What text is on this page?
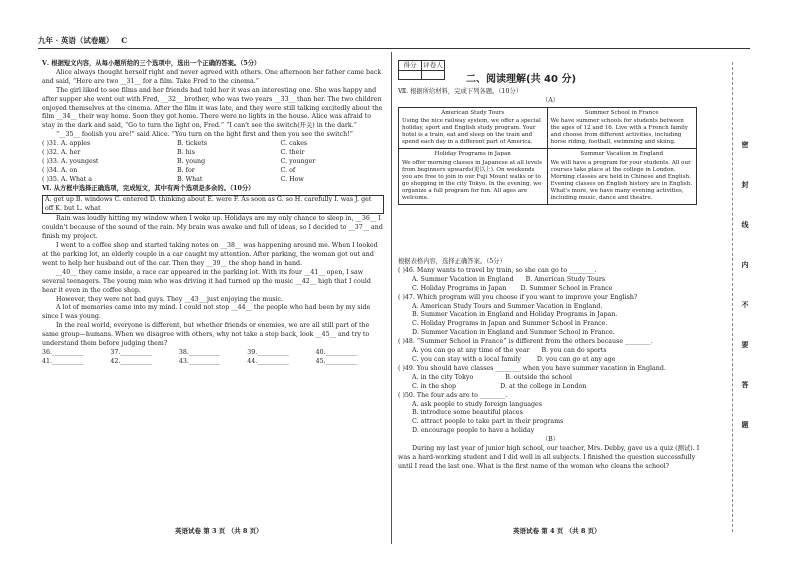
九年 · 英语（试卷题） C

Ⅴ. 根据短文内容，从每小题所给的三个选项中，选出一个正确的答案。（5分）

Alice always thought herself right and never agreed with others. One afternoon her father came back and said, “Here are two __31__ for a film. Take Fred to the cinema.”

The girl liked to see films and her friends had told her it was an interesting one. She was happy and after supper she went out with Fred, __32__ brother, who was two years __33__ than her. The two children enjoyed themselves at the cinema. After the film it was late, and they were still talking excitedly about the film __34__ their way home. Soon they got home. There were no lights in the house. Alice was afraid to stay in the dark and said, “Go to turn the light on, Fred.” “I can't see the switch(开关) in the dark.”

“__35__ foolish you are!” said Alice. “You turn on the light first and then you see the switch!”

( )31. A. apples	B. tickets	C. cakes
( )32. A. her	B. his	C. their
( )33. A. youngest	B. young	C. younger
( )34. A. on	B. for	C. of
( )35. A. What a	B. What	C. How

Ⅵ. 从方框中选择正确选项，完成短文，其中有两个选项是多余的。（10分）

A. get up B. windows C. entered D. thinking about E. were F. As soon as G. so H. carefully I. was J. get off K. but L. what

Rain was loudly hitting my window when I woke up. Holidays are my only chance to sleep in, __36__ I couldn't because of the sound of the rain. My brain was awake and full of ideas, so I decided to __37__ and finish my project.

I went to a coffee shop and started taking notes on __38__ was happening around me. When I looked at the parking lot, an elderly couple in a car caught my attention. After parking, the woman got out and went to help her husband out of the car. Then they __39__ the shop hand in hand.

__40__ they came inside, a race car appeared in the parking lot. With its four __41__ open, I saw several teenagers. The young man who was driving it had turned up the music __42__ high that I could hear it even in the coffee shop.

However, they were not bad guys. They __43__ just enjoying the music.

A lot of memories came into my mind. I could not stop __44__ the people who had been by my side since I was young.

In the real world, everyone is different, but whether friends or enemies, we are all still part of the same group—humans. When we disagree with others, why not take a step back, look __45__ and try to understand them before judging them?

36.__________	37.__________	38.__________	39.__________	40.__________
41.__________	42.__________	43.__________	44.__________	45.__________
得分	评卷人
二、阅读理解(共 40 分)

Ⅶ. 根据所给材料，完成下列各题。（10分）

（A）

American Study Tours
Using the nice railway system, we offer a special holiday, sport and English study program. Your hotel is a train, eat and sleep on the train and spend each day in a different part of America.
Summer School in France
We have summer schools for students between the ages of 12 and 16. Live with a French family and choose from different activities, including horse riding, football, swimming and skiing.
Holiday Programs in Japan
We offer morning classes in Japanese at all levels from beginners upwards(更以上). On weekends you are free to join in our Fuji Mount walks or to go shopping in the city Tokyo. In the evening, we organize a full program for fun. All ages are welcome.
Summer Vacation in England
We will have a program for your students. All our courses take place at the college in London. Morning classes are held in Chinese and English. Evening classes on English history are in English. What's more, we have many evening activities, including music, dance and theatre.

根据表格内容，选择正确答案。（5分）

( )46. Many wants to travel by train, so she can go to ________.

A. Summer Vacation in England      B. American Study Tours

C. Holiday Programs in Japan       D. Summer School in France

( )47. Which program will you choose if you want to improve your English?

A. American Study Tours and Summer Vacation in England.

B. Summer Vacation in England and Holiday Programs in Japan.

C. Holiday Programs in Japan and Summer School in France.

D. Summer Vacation in England and Summer School in France.

( )48. “Summer School in France” is different from the others because ________.

A. you can go at any time of the year      B. you can do sports

C. you can stay with a local family        D. you can go at any age

( )49. You should have classes ________ when you have summer vacation in England.

A. in the city Tokyo                B. outside the school

C. in the shop                      D. at the college in London

( )50. The four ads are to ________.

A. ask people to study foreign languages

B. introduce some beautiful places

C. attract people to take part in their programs

D. encourage people to have a holiday

（B）

During my last year of junior high school, our teacher, Mrs. Debby, gave us a quiz (测试). I was a hard-working student and I did well in all subjects. I finished the question successfully until I read the last one. What is the first name of the woman who cleans the school?

密
封
线
内
不
要
答
题
英语试卷 第 3 页 （共 8 页）	英语试卷 第 4 页 （共 8 页）
